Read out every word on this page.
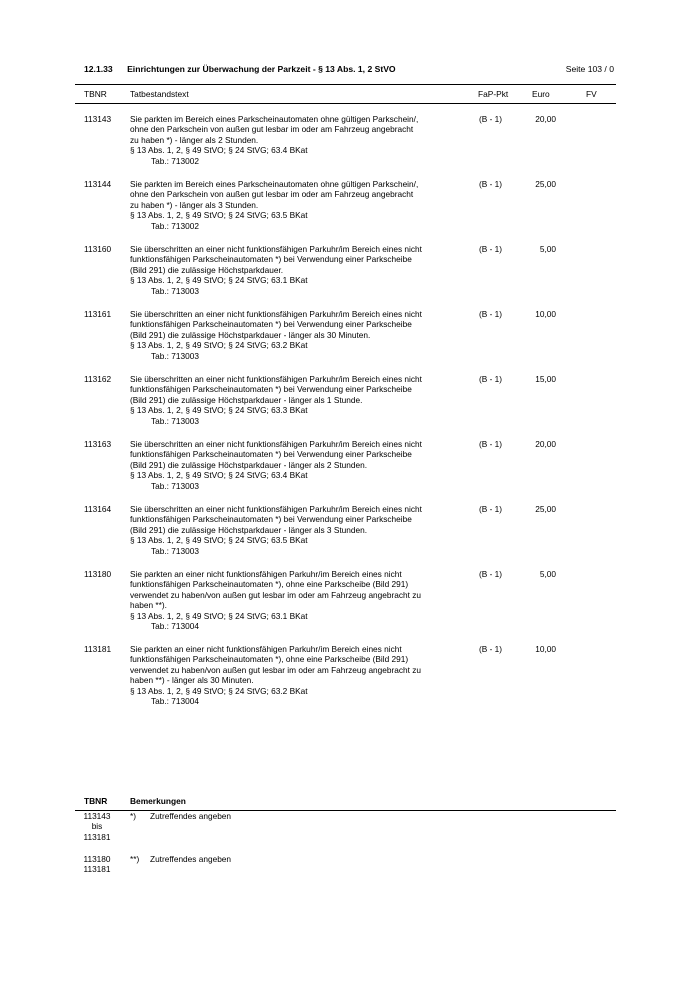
12.1.33 Einrichtungen zur Überwachung der Parkzeit - § 13 Abs. 1, 2 StVO	Seite 103 / 0
TBNR	Tatbestandstext	FaP-Pkt	Euro	FV
113143 Sie parkten im Bereich eines Parkscheinautomaten ohne gültigen Parkschein/,
ohne den Parkschein von außen gut lesbar im oder am Fahrzeug angebracht
zu haben *) - länger als 2 Stunden.
§ 13 Abs. 1, 2, § 49 StVO; § 24 StVG; 63.4 BKat
Tab.: 713002
(B - 1)	20,00
113144 Sie parkten im Bereich eines Parkscheinautomaten ohne gültigen Parkschein/,
ohne den Parkschein von außen gut lesbar im oder am Fahrzeug angebracht
zu haben *) - länger als 3 Stunden.
§ 13 Abs. 1, 2, § 49 StVO; § 24 StVG; 63.5 BKat
Tab.: 713002
(B - 1)	25,00
113160 Sie überschritten an einer nicht funktionsfähigen Parkuhr/im Bereich eines nicht
funktionsfähigen Parkscheinautomaten *) bei Verwendung einer Parkscheibe
(Bild 291) die zulässige Höchstparkdauer.
§ 13 Abs. 1, 2, § 49 StVO; § 24 StVG; 63.1 BKat
Tab.: 713003
(B - 1)	5,00
113161 Sie überschritten an einer nicht funktionsfähigen Parkuhr/im Bereich eines nicht
funktionsfähigen Parkscheinautomaten *) bei Verwendung einer Parkscheibe
(Bild 291) die zulässige Höchstparkdauer - länger als 30 Minuten.
§ 13 Abs. 1, 2, § 49 StVO; § 24 StVG; 63.2 BKat
Tab.: 713003
(B - 1)	10,00
113162 Sie überschritten an einer nicht funktionsfähigen Parkuhr/im Bereich eines nicht
funktionsfähigen Parkscheinautomaten *) bei Verwendung einer Parkscheibe
(Bild 291) die zulässige Höchstparkdauer - länger als 1 Stunde.
§ 13 Abs. 1, 2, § 49 StVO; § 24 StVG; 63.3 BKat
Tab.: 713003
(B - 1)	15,00
113163 Sie überschritten an einer nicht funktionsfähigen Parkuhr/im Bereich eines nicht
funktionsfähigen Parkscheinautomaten *) bei Verwendung einer Parkscheibe
(Bild 291) die zulässige Höchstparkdauer - länger als 2 Stunden.
§ 13 Abs. 1, 2, § 49 StVO; § 24 StVG; 63.4 BKat
Tab.: 713003
(B - 1)	20,00
113164 Sie überschritten an einer nicht funktionsfähigen Parkuhr/im Bereich eines nicht
funktionsfähigen Parkscheinautomaten *) bei Verwendung einer Parkscheibe
(Bild 291) die zulässige Höchstparkdauer - länger als 3 Stunden.
§ 13 Abs. 1, 2, § 49 StVO; § 24 StVG; 63.5 BKat
Tab.: 713003
(B - 1)	25,00
113180 Sie parkten an einer nicht funktionsfähigen Parkuhr/im Bereich eines nicht
funktionsfähigen Parkscheinautomaten *), ohne eine Parkscheibe (Bild 291)
verwendet zu haben/von außen gut lesbar im oder am Fahrzeug angebracht zu
haben **).
§ 13 Abs. 1, 2, § 49 StVO; § 24 StVG; 63.1 BKat
Tab.: 713004
(B - 1)	5,00
113181 Sie parkten an einer nicht funktionsfähigen Parkuhr/im Bereich eines nicht
funktionsfähigen Parkscheinautomaten *), ohne eine Parkscheibe (Bild 291)
verwendet zu haben/von außen gut lesbar im oder am Fahrzeug angebracht zu
haben **) - länger als 30 Minuten.
§ 13 Abs. 1, 2, § 49 StVO; § 24 StVG; 63.2 BKat
Tab.: 713004
(B - 1)	10,00
TBNR	Bemerkungen
113143
bis
113181
*) Zutreffendes angeben
113180
113181
**) Zutreffendes angeben
